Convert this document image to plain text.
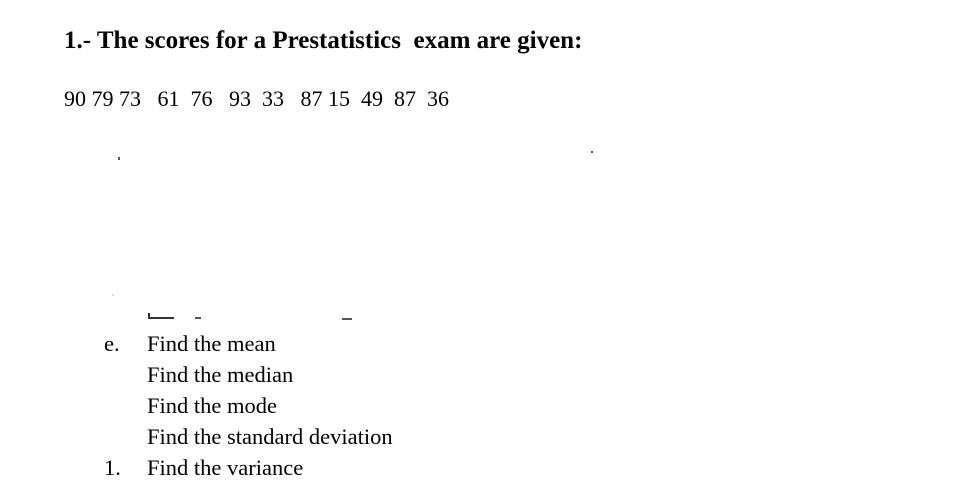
1.- The scores for a Prestatistics  exam are given:
90 79 73   61  76   93  33   87 15  49  87  36
e. Find the mean
Find the median
Find the mode
Find the standard deviation
1. Find the variance
